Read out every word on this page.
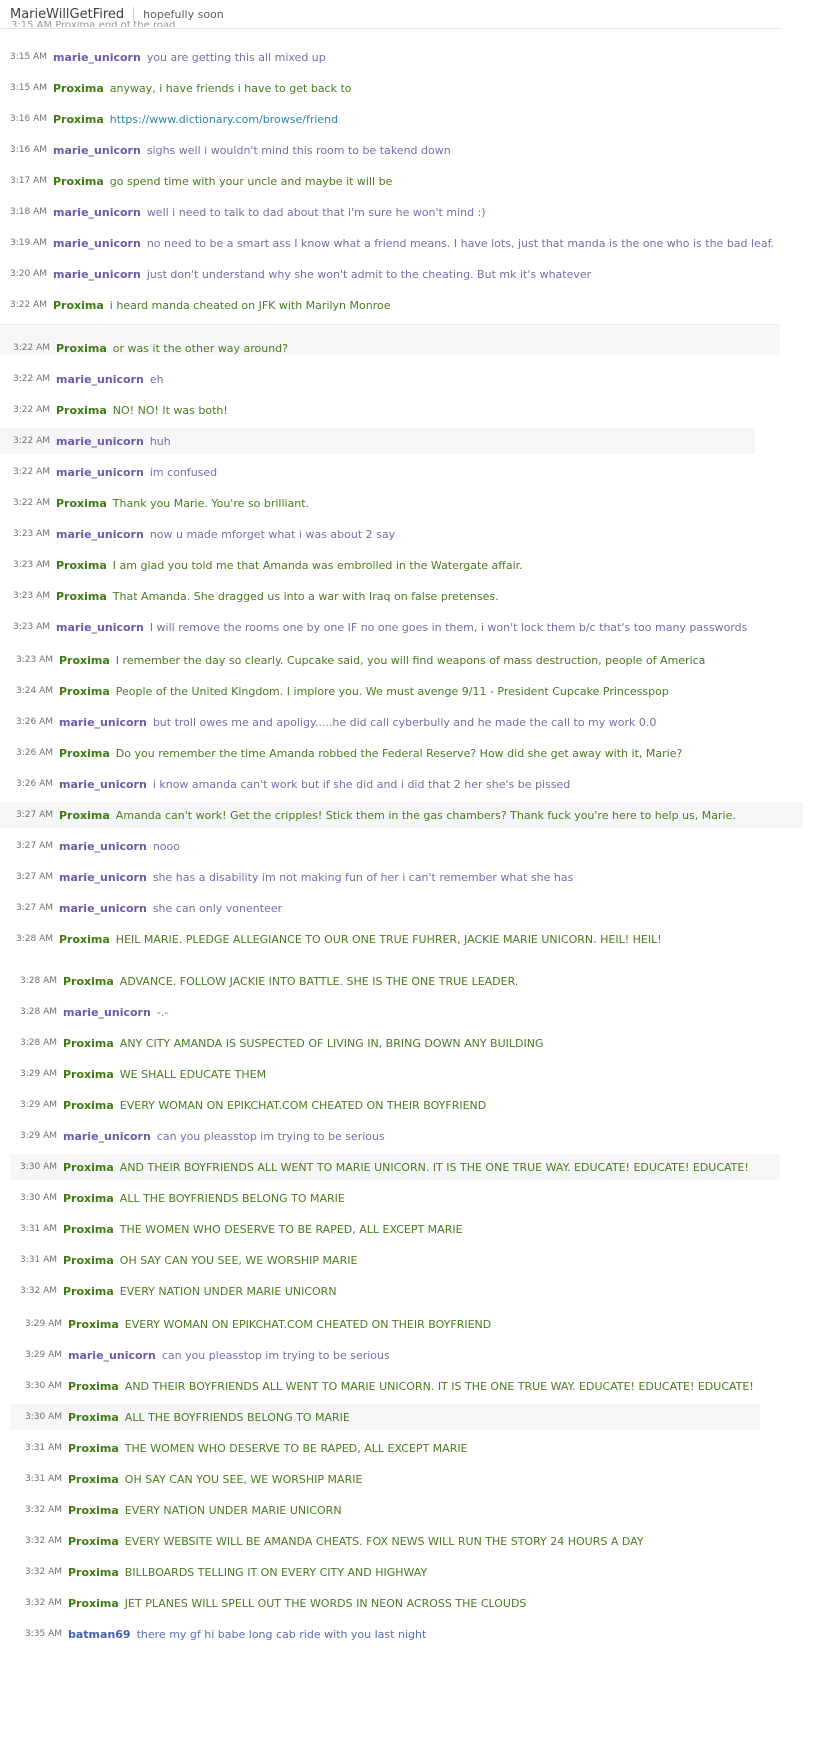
MarieWillGetFired hopefully soon
3:15 AM Proxima end of the road
3:15 AM marie_unicorn you are getting this all mixed up
3:15 AM Proxima anyway, i have friends i have to get back to
3:16 AM Proxima https://www.dictionary.com/browse/friend
3:16 AM marie_unicorn sighs well i wouldn't mind this room to be takend down
3:17 AM Proxima go spend time with your uncle and maybe it will be
3:18 AM marie_unicorn well i need to talk to dad about that i'm sure he won't mind :)
3:19 AM marie_unicorn no need to be a smart ass I know what a friend means. I have lots, just that manda is the one who is the bad leaf.
3:20 AM marie_unicorn just don't understand why she won't admit to the cheating. But mk it's whatever
3:22 AM Proxima i heard manda cheated on JFK with Marilyn Monroe
3:22 AM Proxima or was it the other way around?
3:22 AM marie_unicorn eh
3:22 AM Proxima NO! NO! It was both!
3:22 AM marie_unicorn huh
3:22 AM marie_unicorn im confused
3:22 AM Proxima Thank you Marie. You're so brilliant.
3:23 AM marie_unicorn now u made mforget what i was about 2 say
3:23 AM Proxima I am glad you told me that Amanda was embroiled in the Watergate affair.
3:23 AM Proxima That Amanda. She dragged us into a war with Iraq on false pretenses.
3:23 AM marie_unicorn I will remove the rooms one by one IF no one goes in them, i won't lock them b/c that's too many passwords
3:23 AM Proxima I remember the day so clearly. Cupcake said, you will find weapons of mass destruction, people of America
3:24 AM Proxima People of the United Kingdom. I implore you. We must avenge 9/11 - President Cupcake Princesspop
3:26 AM marie_unicorn but troll owes me and apoligy.....he did call cyberbully and he made the call to my work 0.0
3:26 AM Proxima Do you remember the time Amanda robbed the Federal Reserve? How did she get away with it, Marie?
3:26 AM marie_unicorn i know amanda can't work but if she did and i did that 2 her she's be pissed
3:27 AM Proxima Amanda can't work! Get the cripples! Stick them in the gas chambers? Thank fuck you're here to help us, Marie.
3:27 AM marie_unicorn nooo
3:27 AM marie_unicorn she has a disability im not making fun of her i can't remember what she has
3:27 AM marie_unicorn she can only vonenteer
3:28 AM Proxima HEIL MARIE. PLEDGE ALLEGIANCE TO OUR ONE TRUE FUHRER, JACKIE MARIE UNICORN. HEIL! HEIL!
3:28 AM Proxima ADVANCE. FOLLOW JACKIE INTO BATTLE. SHE IS THE ONE TRUE LEADER.
3:28 AM marie_unicorn -.-
3:28 AM Proxima ANY CITY AMANDA IS SUSPECTED OF LIVING IN, BRING DOWN ANY BUILDING
3:29 AM Proxima WE SHALL EDUCATE THEM
3:29 AM Proxima EVERY WOMAN ON EPIKCHAT.COM CHEATED ON THEIR BOYFRIEND
3:29 AM marie_unicorn can you pleasstop im trying to be serious
3:30 AM Proxima AND THEIR BOYFRIENDS ALL WENT TO MARIE UNICORN. IT IS THE ONE TRUE WAY. EDUCATE! EDUCATE! EDUCATE!
3:30 AM Proxima ALL THE BOYFRIENDS BELONG TO MARIE
3:31 AM Proxima THE WOMEN WHO DESERVE TO BE RAPED, ALL EXCEPT MARIE
3:31 AM Proxima OH SAY CAN YOU SEE, WE WORSHIP MARIE
3:32 AM Proxima EVERY NATION UNDER MARIE UNICORN
3:29 AM Proxima EVERY WOMAN ON EPIKCHAT.COM CHEATED ON THEIR BOYFRIEND
3:29 AM marie_unicorn can you pleasstop im trying to be serious
3:30 AM Proxima AND THEIR BOYFRIENDS ALL WENT TO MARIE UNICORN. IT IS THE ONE TRUE WAY. EDUCATE! EDUCATE! EDUCATE!
3:30 AM Proxima ALL THE BOYFRIENDS BELONG TO MARIE
3:31 AM Proxima THE WOMEN WHO DESERVE TO BE RAPED, ALL EXCEPT MARIE
3:31 AM Proxima OH SAY CAN YOU SEE, WE WORSHIP MARIE
3:32 AM Proxima EVERY NATION UNDER MARIE UNICORN
3:32 AM Proxima EVERY WEBSITE WILL BE AMANDA CHEATS. FOX NEWS WILL RUN THE STORY 24 HOURS A DAY
3:32 AM Proxima BILLBOARDS TELLING IT ON EVERY CITY AND HIGHWAY
3:32 AM Proxima JET PLANES WILL SPELL OUT THE WORDS IN NEON ACROSS THE CLOUDS
3:35 AM batman69 there my gf hi babe long cab ride with you last night
